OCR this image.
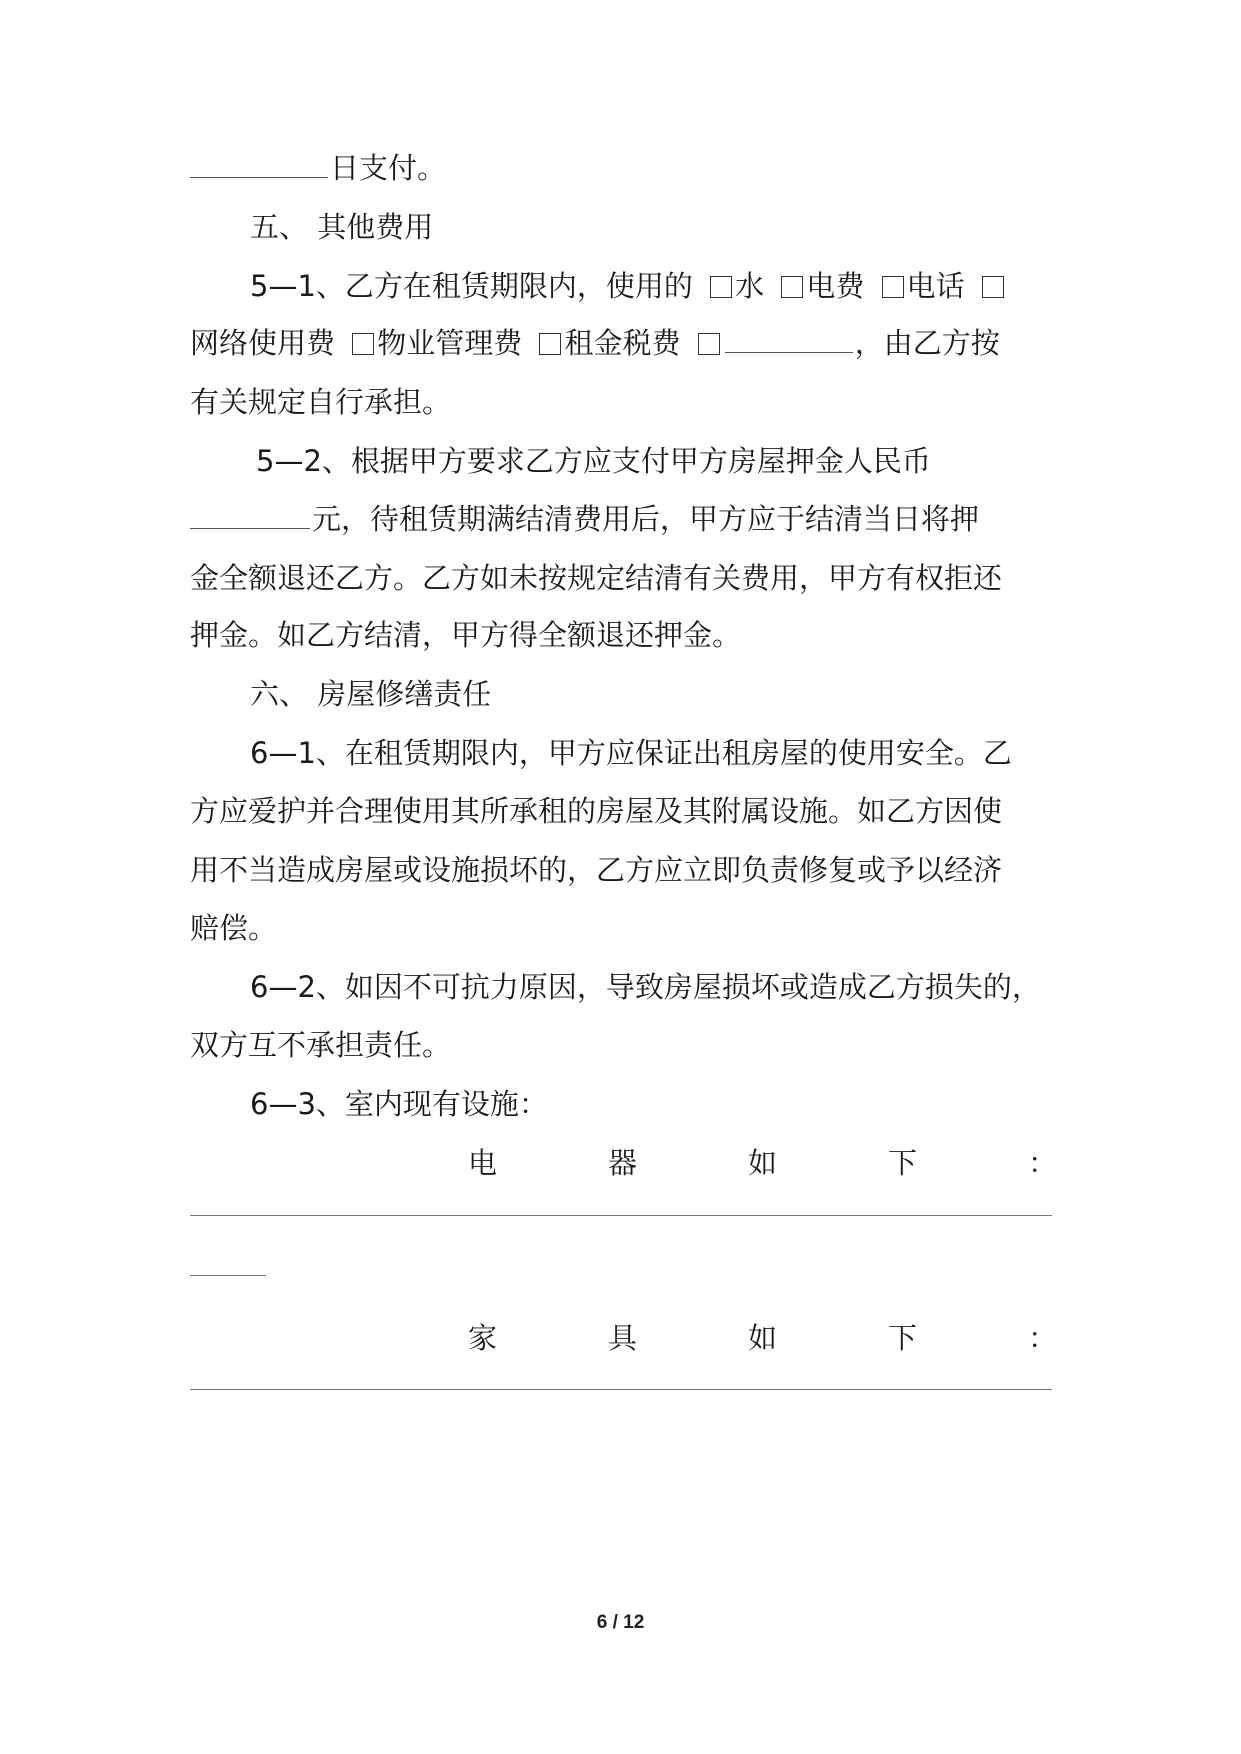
日支付。
五、 其他费用
5—1、乙方在租赁期限内，使用的 水 电费 电话
网络使用费 物业管理费 租金税费	，由乙方按
有关规定自行承担。
5—2、根据甲方要求乙方应支付甲方房屋押金人民币
元，待租赁期满结清费用后，甲方应于结清当日将押
金全额退还乙方。乙方如未按规定结清有关费用，甲方有权拒还
押金。如乙方结清，甲方得全额退还押金。
六、 房屋修缮责任
6—1、在租赁期限内，甲方应保证出租房屋的使用安全。乙
方应爱护并合理使用其所承租的房屋及其附属设施。如乙方因使
用不当造成房屋或设施损坏的，乙方应立即负责修复或予以经济
赔偿。
6—2、如因不可抗力原因，导致房屋损坏或造成乙方损失的，
双方互不承担责任。
6—3、室内现有设施：
电	器	如	下	：
家	具	如	下	：
6 / 12
